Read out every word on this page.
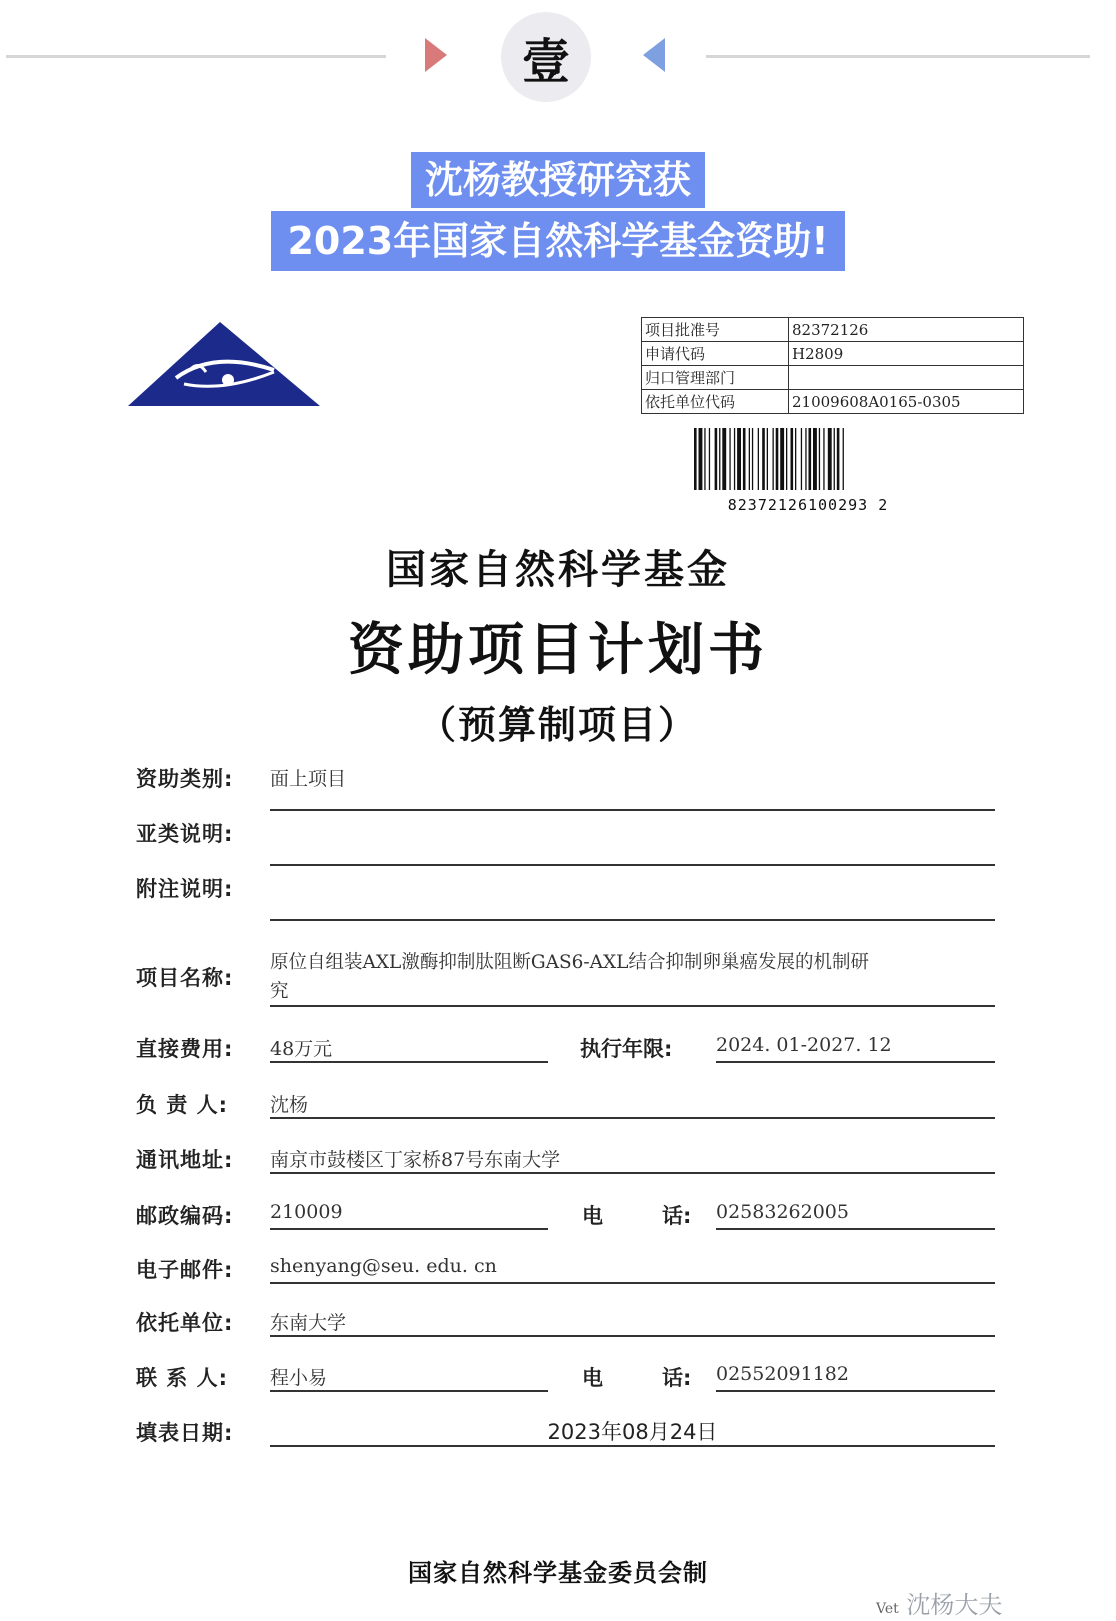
壹
沈杨教授研究获
2023年国家自然科学基金资助!
项目批准号	82372126
申请代码	H2809
归口管理部门	
依托单位代码	21009608A0165-0305
82372126100293 2
国家自然科学基金
资助项目计划书
（预算制项目）
资助类别: 面上项目
亚类说明:
附注说明:
项目名称:
原位自组装AXL激酶抑制肽阻断GAS6-AXL结合抑制卵巢癌发展的机制研
究
直接费用: 48万元	执行年限: 2024. 01-2027. 12
负 责 人: 沈杨
通讯地址: 南京市鼓楼区丁家桥87号东南大学
邮政编码: 210009	电	话: 02583262005
电子邮件: shenyang@seu. edu. cn
依托单位: 东南大学
联 系 人: 程小易	电	话: 02552091182
填表日期:	2023年08月24日
国家自然科学基金委员会制
Vet 沈杨大夫
